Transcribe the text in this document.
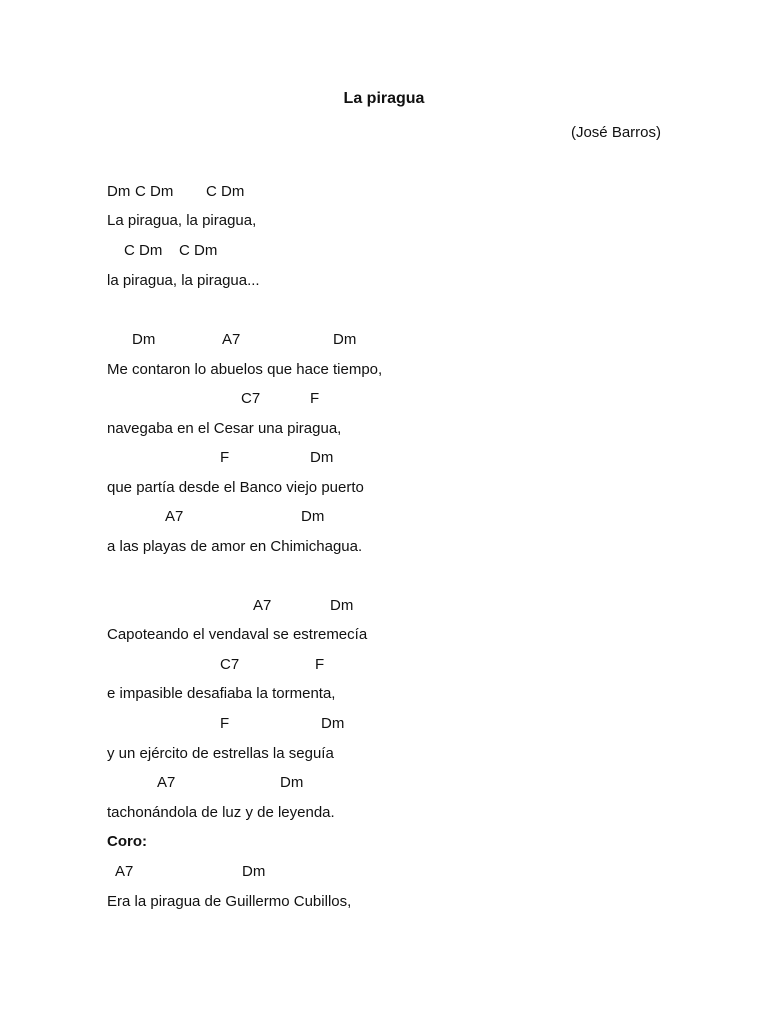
La piragua
(José Barros)
Dm C Dm C Dm
La piragua, la piragua,
C Dm C Dm
la piragua, la piragua...
Dm	A7	Dm
Me contaron lo abuelos que hace tiempo,
C7	F
navegaba en el Cesar una piragua,
F	Dm
que partía desde el Banco viejo puerto
A7	Dm
a las playas de amor en Chimichagua.
A7	Dm
Capoteando el vendaval se estremecía
C7	F
e impasible desafiaba la tormenta,
F	Dm
y un ejército de estrellas la seguía
A7	Dm
tachonándola de luz y de leyenda.
Coro:
A7	Dm
Era la piragua de Guillermo Cubillos,
